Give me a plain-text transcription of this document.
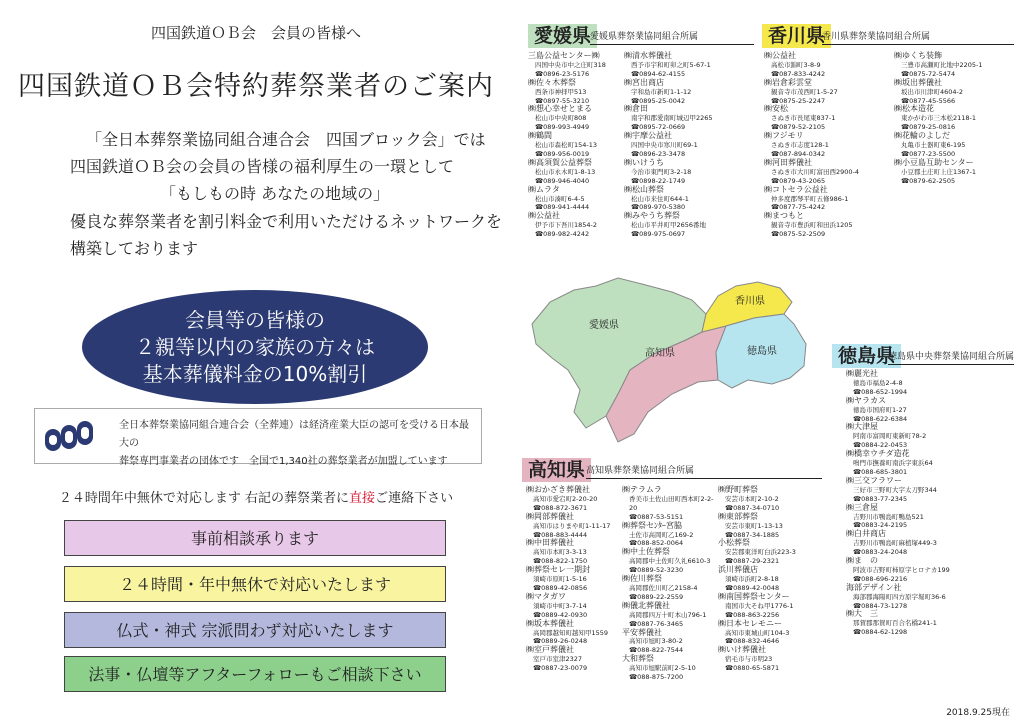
四国鉄道ＯＢ会　会員の皆様へ
四国鉄道ＯＢ会特約葬祭業者のご案内
「全日本葬祭業協同組合連合会　四国ブロック会」では
四国鉄道ＯＢ会の会員の皆様の福利厚生の一環として
「もしもの時 あなたの地域の」
優良な葬祭業者を割引料金で利用いただけるネットワークを
構築しております
会員等の皆様の
２親等以内の家族の方々は
基本葬儀料金の10%割引
全日本葬祭業協同組合連合会（全葬連）は経済産業大臣の認可を受ける日本最大の
葬祭専門事業者の団体です　全国で1,340社の葬祭業者が加盟しています
２４時間年中無休で対応します 右記の葬祭業者に直接ご連絡下さい
事前相談承ります
２４時間・年中無休で対応いたします
仏式・神式 宗派問わず対応いたします
法事・仏壇等アフターフォローもご相談下さい
愛媛県
愛媛県葬祭業協同組合所属
三島公益センター㈱
四国中央市中之庄町318
☎0896-23-5176
㈱佐々木葬祭
西条市神拝甲513
☎0897-55-3210
㈱想心幸せとまる
松山市中央町808
☎089-993-4949
㈱鶴間
松山市森松町154-13
☎089-956-0019
㈱高須賀公益葬祭
松山市永木町1-8-13
☎089-946-4040
㈱ムラタ
松山市湊町6-4-5
☎089-941-4444
㈱公益社
伊予市下吾川1854-2
☎089-982-4242
㈱清水葬儀社
西予市宇和町卯之町5-67-1
☎0894-62-4155
㈱宮出商店
宇和島市新町1-1-12
☎0895-25-0042
㈱倉田
南宇和郡愛南町城辺甲2265
☎0895-72-0669
㈱宇摩公益社
四国中央市寒川町69-1
☎0896-23-3478
㈱いけうち
今治市東門町3-2-18
☎0898-22-1749
㈱松山葬祭
松山市来住町644-1
☎089-970-5380
㈱みやうち葬祭
松山市平井町甲2656番地
☎089-975-0697
香川県
香川県葬祭業協同組合所属
㈱公益社
高松市錦町3-8-9
☎087-833-4242
㈱岩倉彩雲堂
観音寺市茂西町1-5-27
☎0875-25-2247
㈱安松
さぬき市長尾東837-1
☎0879-52-2105
㈱フジモリ
さぬき市志度128-1
☎087-894-0342
㈱河田葬儀社
さぬき市大川町富田西2900-4
☎0879-43-2065
㈱コトセラ公益社
仲多度郡琴平町五條986-1
☎0877-75-4242
㈱まつもと
観音寺市豊浜町和田浜1205
☎0875-52-2509
㈱ゆくち装飾
三豊市高瀬町比地中2205-1
☎0875-72-5474
㈱坂出葬儀社
坂出市川津町4604-2
☎0877-45-5566
㈱松本造花
東かがわ市三本松2118-1
☎0879-25-0816
㈱花輪のよしだ
丸亀市土器町東6-195
☎0877-23-5500
㈱小豆島互助センター
小豆郡土庄町上庄1367-1
☎0879-62-2505
徳島県
徳島県中央葬祭業協同組合所属
㈱麗光社
徳島市福島2-4-8
☎088-652-1994
㈱ヤラカス
徳島市国府町1-27
☎088-622-6384
㈱大津屋
阿南市富岡町東新町78-2
☎0884-22-0453
㈱橋幸ウチダ造花
鳴門市撫養町南浜字東浜64
☎088-685-3801
㈱三交フラワー
三好市三野町大字太刀野344
☎0883-77-2345
㈱三倉屋
吉野川市鴨島町鴨島521
☎0883-24-2195
㈱白井商店
吉野川市鴨島町麻植塚449-3
☎0883-24-2048
㈱ま　の
阿波市吉野町柿原字ヒロナカ199
☎088-696-2216
海部デザイン社
海部郡海陽町四方原字堀町36-6
☎0884-73-1278
㈱大　三
那賀郡那賀町百合名橋241-1
☎0884-62-1298
高知県 高知県葬祭業協同組合所属
㈱おかざき葬儀社
高知市愛宕町2-20-20
☎088-872-3671
㈱岡部葬儀社
高知市はりまや町1-11-17
☎088-883-4444
㈱中田葬儀社
高知市本町3-3-13
☎088-822-1750
㈱葬祭セレ一期封
須崎市原町1-5-16
☎0889-42-0856
㈱マタガワ
須崎市中町3-7-14
☎0889-42-0930
㈱坂本葬儀社
高岡郡越知町越知甲1559
☎0889-26-0248
㈱室戸葬儀社
室戸市室津2327
☎0887-23-0079
㈱テラムラ
香美市土佐山田町西本町2-2-20
☎0887-53-5151
㈱葬祭セﾝﾀｰ宮脇
土佐市高岡町乙169-2
☎088-852-0064
㈱中土佐葬祭
高岡郡中土佐町久礼6610-3
☎0889-52-3230
㈱佐川葬祭
高岡郡佐川町乙2158-4
☎0889-22-2559
㈱儀北葬儀社
高岡郡四万十町本山796-1
☎0887-76-3465
平安葬儀社
高知市旭町3-80-2
☎088-822-7544
大和葬祭
高知市旭駅前町2-5-10
☎088-875-7200
㈱野町葬祭
安芸市本町2-10-2
☎0887-34-0710
㈱東部葬祭
安芸市東町1-13-13
☎0887-34-1885
小松葬祭
安芸郡東洋町白浜223-3
☎0887-29-2321
浜川葬儀店
須崎市浜町2-8-18
☎0889-42-0048
㈱南国葬祭センター
南国市大そね甲1776-1
☎088-863-2256
㈱日本セレモニー
高知市東城山町104-3
☎088-832-4646
㈱いけ葬儀社
宿毛市与市明23
☎0880-65-5871
愛媛県
香川県
高知県	徳島県
2018.9.25現在
